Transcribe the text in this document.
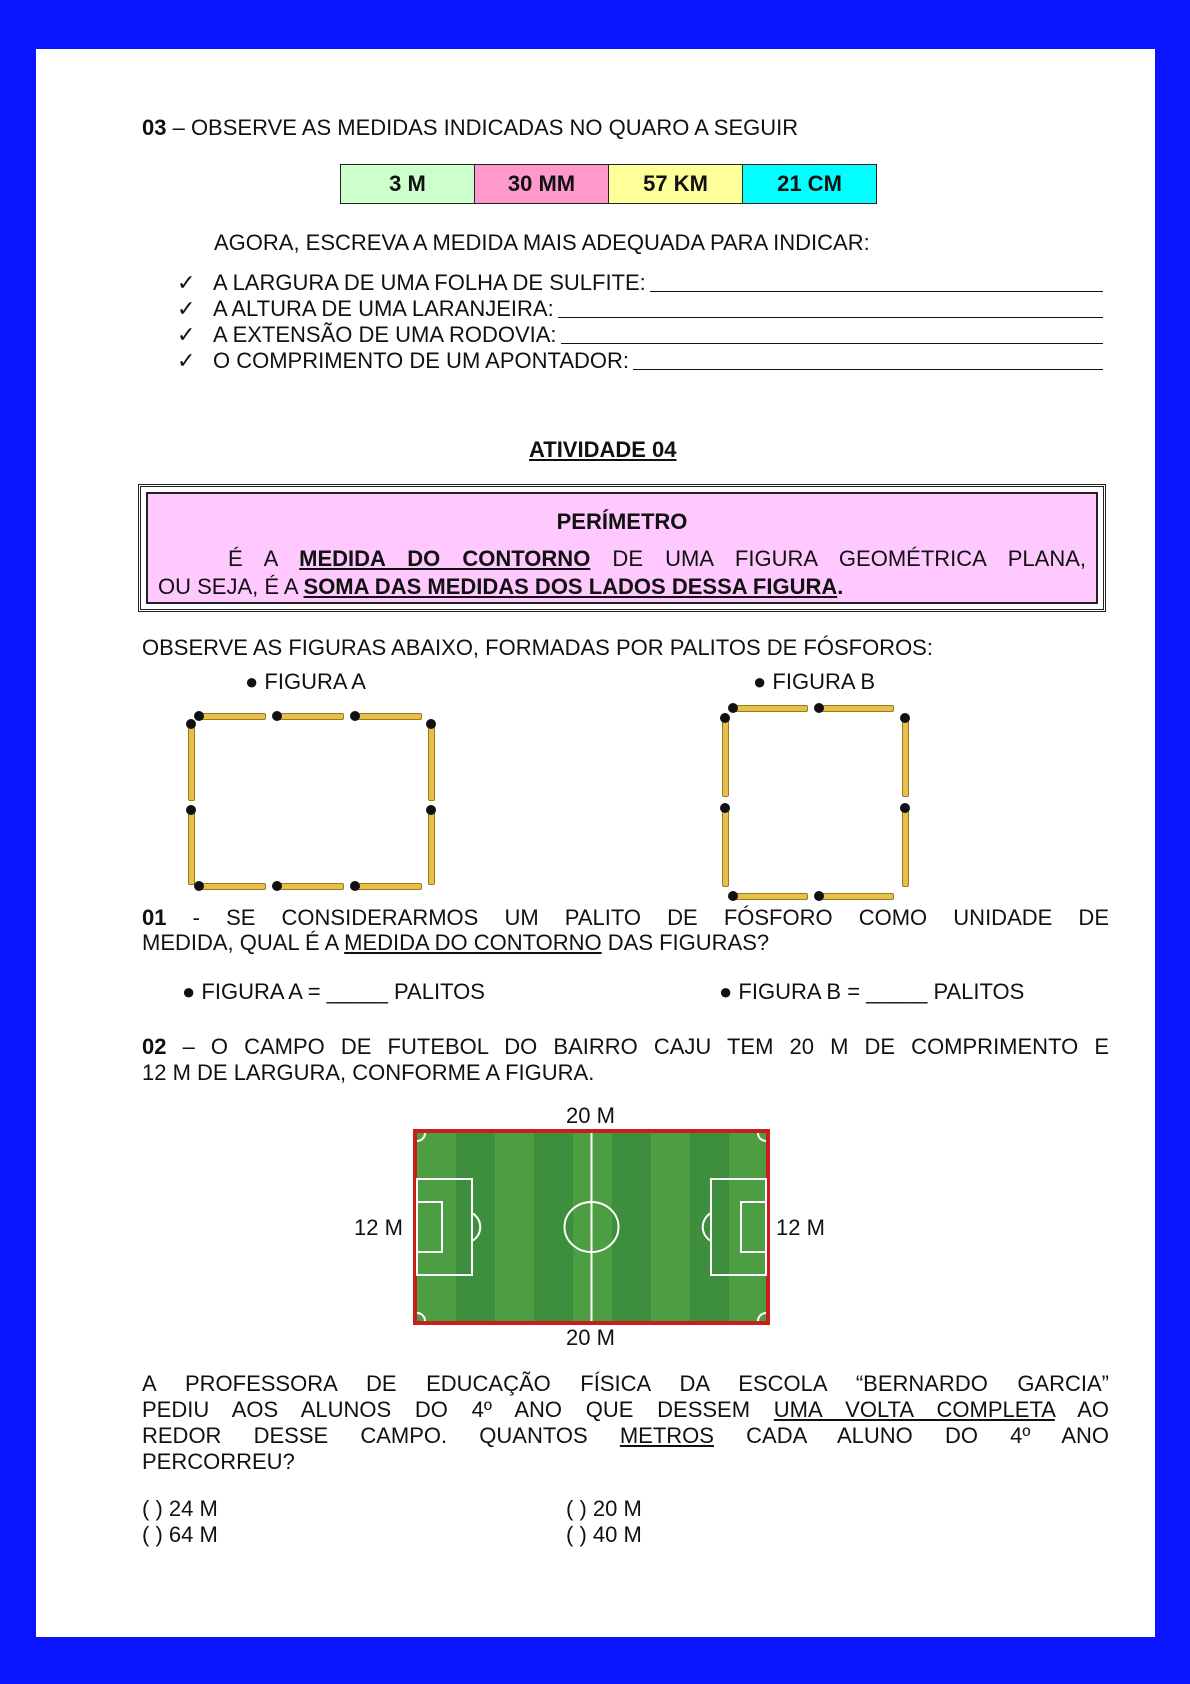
03 – OBSERVE AS MEDIDAS INDICADAS NO QUARO A SEGUIR
3 M	30 MM	57 KM	21 CM
AGORA, ESCREVA A MEDIDA MAIS ADEQUADA PARA INDICAR:
✓ A LARGURA DE UMA FOLHA DE SULFITE:
✓ A ALTURA DE UMA LARANJEIRA:
✓ A EXTENSÃO DE UMA RODOVIA:
✓ O COMPRIMENTO DE UM APONTADOR:
ATIVIDADE 04
PERÍMETRO
É A MEDIDA DO CONTORNO DE UMA FIGURA GEOMÉTRICA PLANA,
OU SEJA, É A SOMA DAS MEDIDAS DOS LADOS DESSA FIGURA.
OBSERVE AS FIGURAS ABAIXO, FORMADAS POR PALITOS DE FÓSFOROS:
● FIGURA A	● FIGURA B
01 - SE CONSIDERARMOS UM PALITO DE FÓSFORO COMO UNIDADE DE
MEDIDA, QUAL É A MEDIDA DO CONTORNO DAS FIGURAS?
● FIGURA A = _____ PALITOS	● FIGURA B = _____ PALITOS
02 – O CAMPO DE FUTEBOL DO BAIRRO CAJU TEM 20 M DE COMPRIMENTO E
12 M DE LARGURA, CONFORME A FIGURA.
20 M
20 M
12 M	12 M
A PROFESSORA DE EDUCAÇÃO FÍSICA DA ESCOLA “BERNARDO GARCIA”
PEDIU AOS ALUNOS DO 4º ANO QUE DESSEM UMA VOLTA COMPLETA AO
REDOR DESSE CAMPO. QUANTOS METROS CADA ALUNO DO 4º ANO
PERCORREU?
( ) 24 M	( ) 20 M
( ) 64 M	( ) 40 M
